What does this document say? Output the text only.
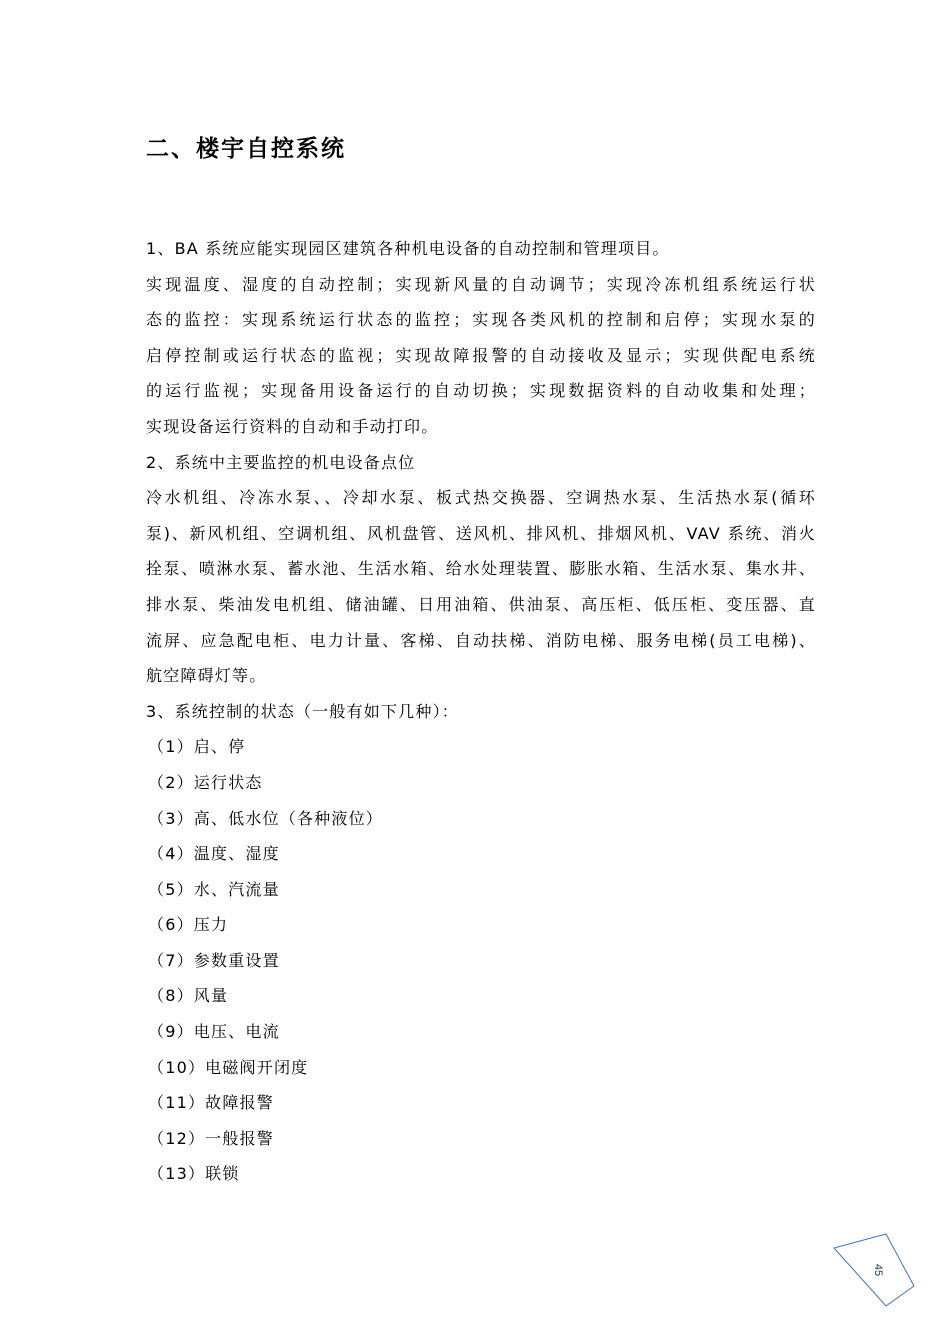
二、楼宇自控系统
1、BA 系统应能实现园区建筑各种机电设备的自动控制和管理项目。
实现温度、湿度的自动控制；实现新风量的自动调节；实现冷冻机组系统运行状
态的监控：实现系统运行状态的监控；实现各类风机的控制和启停；实现水泵的
启停控制或运行状态的监视；实现故障报警的自动接收及显示；实现供配电系统
的运行监视；实现备用设备运行的自动切换；实现数据资料的自动收集和处理；
实现设备运行资料的自动和手动打印。
2、系统中主要监控的机电设备点位
冷水机组、冷冻水泵、、冷却水泵、板式热交换器、空调热水泵、生活热水泵(循环
泵)、新风机组、空调机组、风机盘管、送风机、排风机、排烟风机、VAV 系统、消火
拴泵、喷淋水泵、蓄水池、生活水箱、给水处理装置、膨胀水箱、生活水泵、集水井、
排水泵、柴油发电机组、储油罐、日用油箱、供油泵、高压柜、低压柜、变压器、直
流屏、应急配电柜、电力计量、客梯、自动扶梯、消防电梯、服务电梯(员工电梯)、
航空障碍灯等。
3、系统控制的状态（一般有如下几种）：
（1）启、停
（2）运行状态
（3）高、低水位（各种液位）
（4）温度、湿度
（5）水、汽流量
（6）压力
（7）参数重设置
（8）风量
（9）电压、电流
（10）电磁阀开闭度
（11）故障报警
（12）一般报警
（13）联锁
45
